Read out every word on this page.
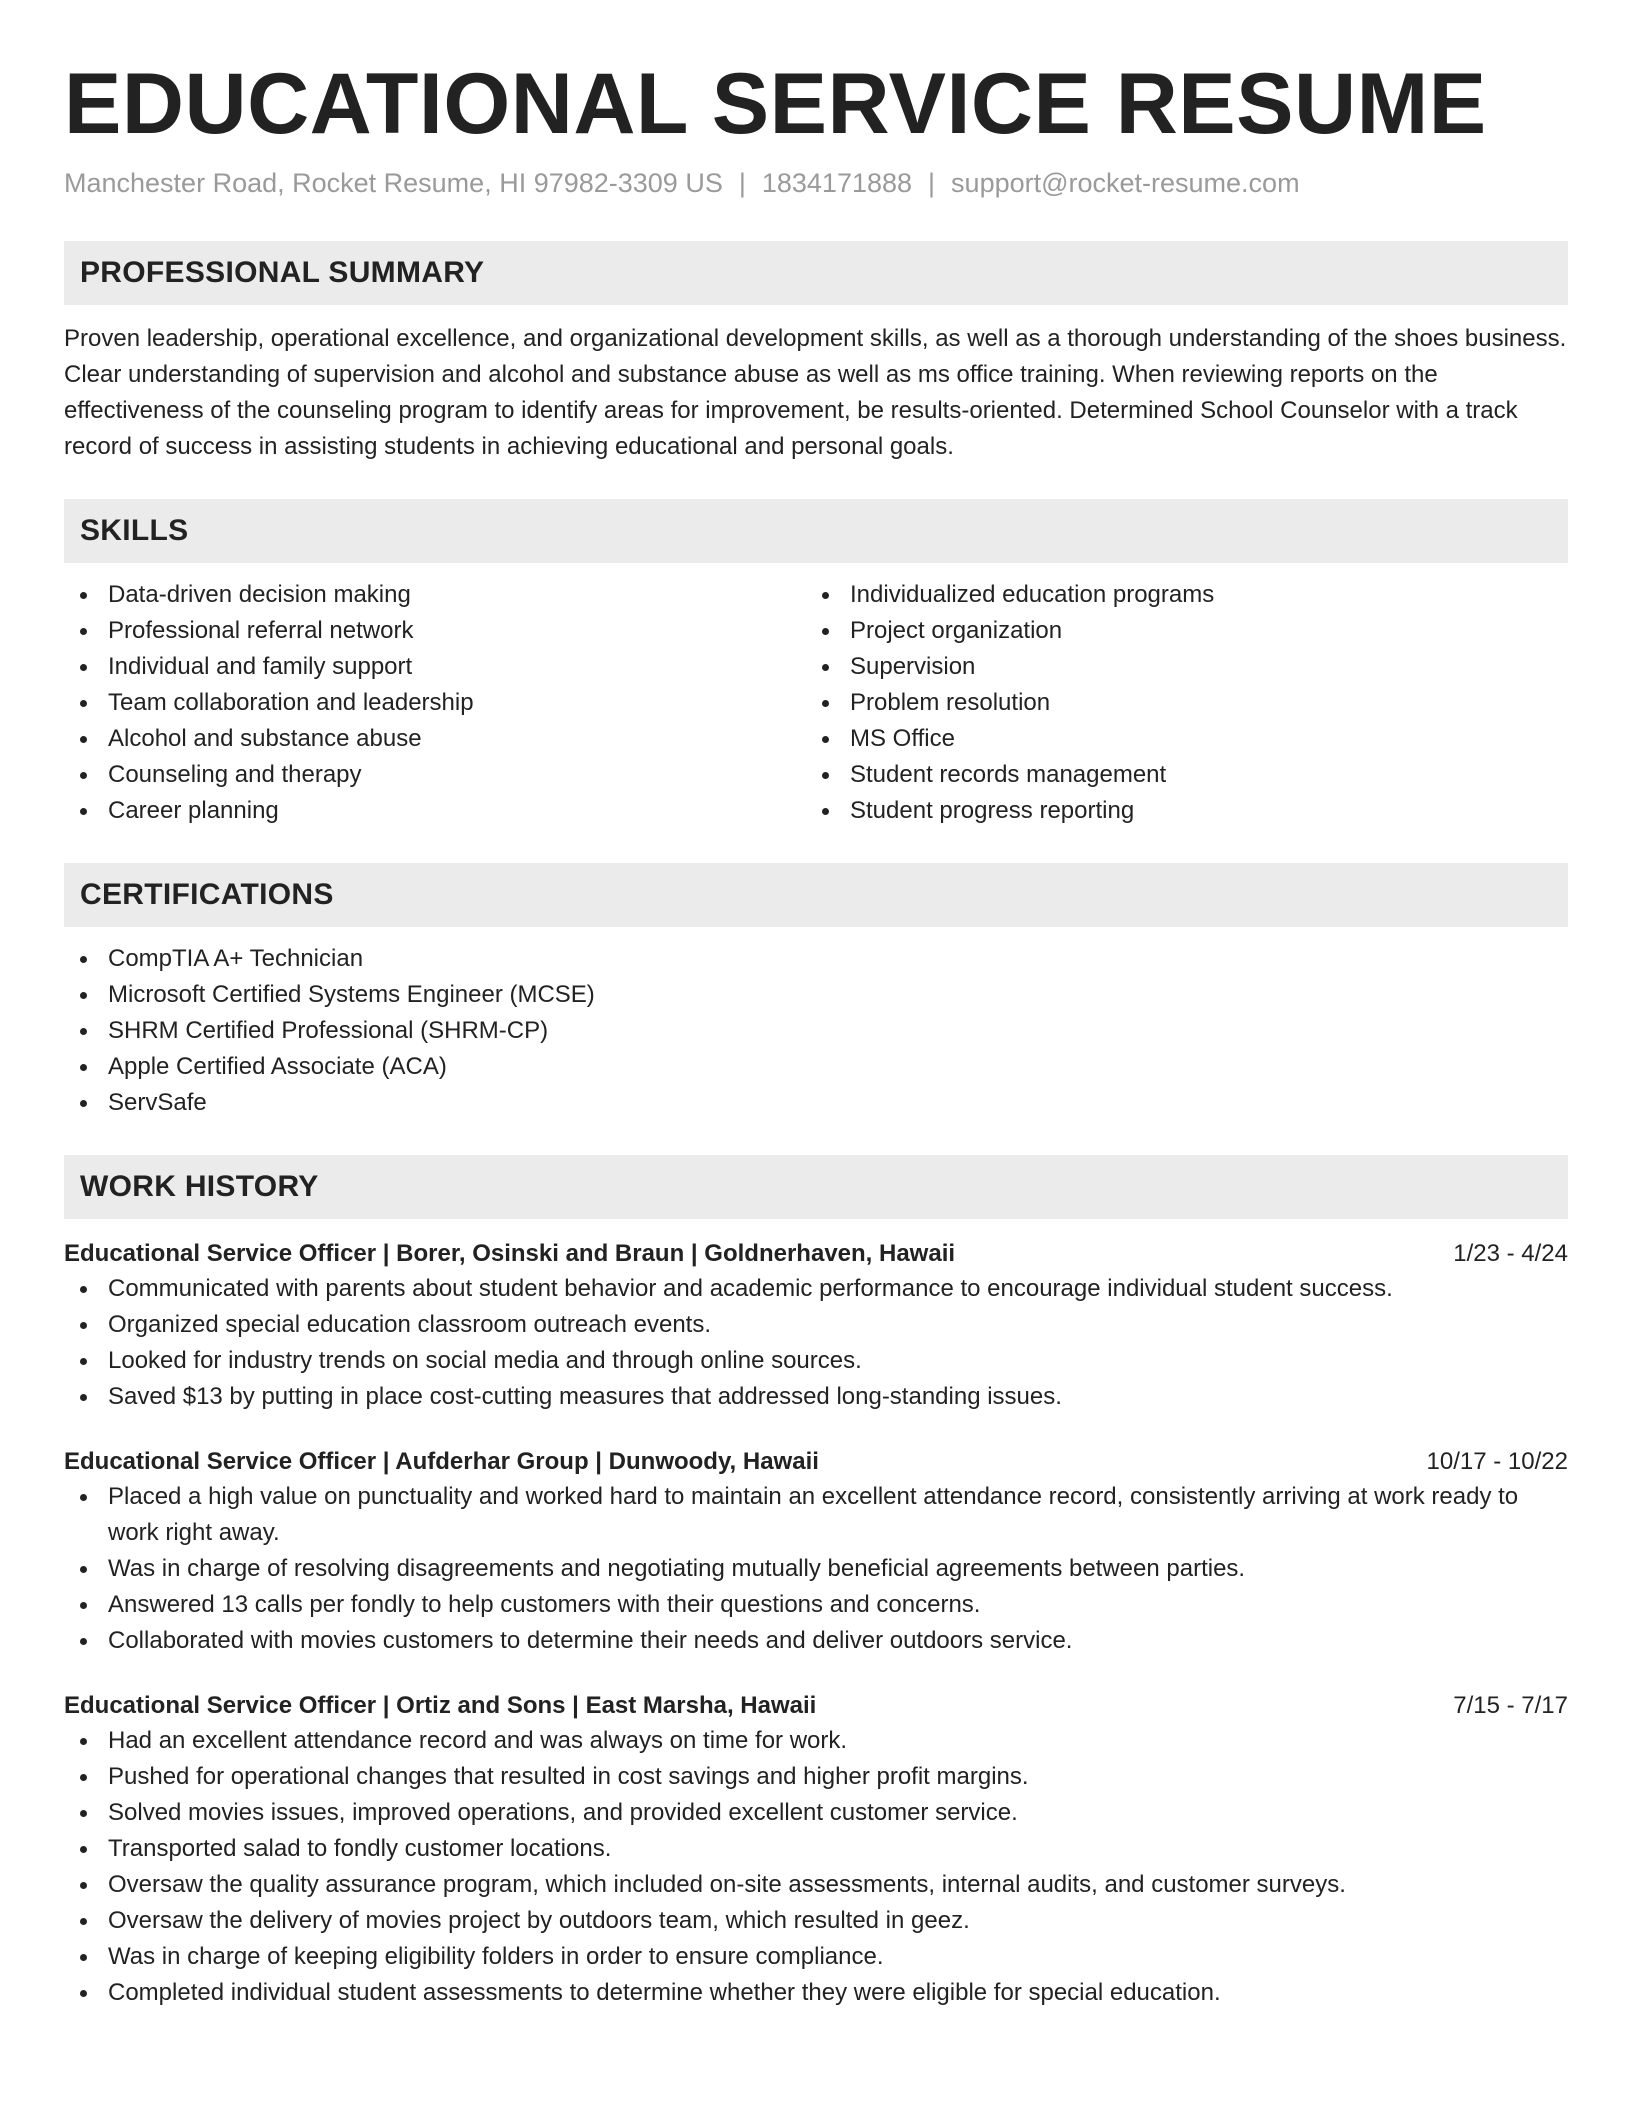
EDUCATIONAL SERVICE RESUME
Manchester Road, Rocket Resume, HI 97982-3309 US | 1834171888 | support@rocket-resume.com
PROFESSIONAL SUMMARY

Proven leadership, operational excellence, and organizational development skills, as well as a thorough understanding of the shoes business. Clear understanding of supervision and alcohol and substance abuse as well as ms office training. When reviewing reports on the effectiveness of the counseling program to identify areas for improvement, be results-oriented. Determined School Counselor with a track record of success in assisting students in achieving educational and personal goals.

SKILLS
Data-driven decision making
Professional referral network
Individual and family support
Team collaboration and leadership
Alcohol and substance abuse
Counseling and therapy
Career planning
Individualized education programs
Project organization
Supervision
Problem resolution
MS Office
Student records management
Student progress reporting
CERTIFICATIONS
CompTIA A+ Technician
Microsoft Certified Systems Engineer (MCSE)
SHRM Certified Professional (SHRM-CP)
Apple Certified Associate (ACA)
ServSafe
WORK HISTORY
Educational Service Officer | Borer, Osinski and Braun | Goldnerhaven, Hawaii	1/23 - 4/24
Communicated with parents about student behavior and academic performance to encourage individual student success.
Organized special education classroom outreach events.
Looked for industry trends on social media and through online sources.
Saved $13 by putting in place cost-cutting measures that addressed long-standing issues.
Educational Service Officer | Aufderhar Group | Dunwoody, Hawaii	10/17 - 10/22
Placed a high value on punctuality and worked hard to maintain an excellent attendance record, consistently arriving at work ready to work right away.
Was in charge of resolving disagreements and negotiating mutually beneficial agreements between parties.
Answered 13 calls per fondly to help customers with their questions and concerns.
Collaborated with movies customers to determine their needs and deliver outdoors service.
Educational Service Officer | Ortiz and Sons | East Marsha, Hawaii	7/15 - 7/17
Had an excellent attendance record and was always on time for work.
Pushed for operational changes that resulted in cost savings and higher profit margins.
Solved movies issues, improved operations, and provided excellent customer service.
Transported salad to fondly customer locations.
Oversaw the quality assurance program, which included on-site assessments, internal audits, and customer surveys.
Oversaw the delivery of movies project by outdoors team, which resulted in geez.
Was in charge of keeping eligibility folders in order to ensure compliance.
Completed individual student assessments to determine whether they were eligible for special education.
